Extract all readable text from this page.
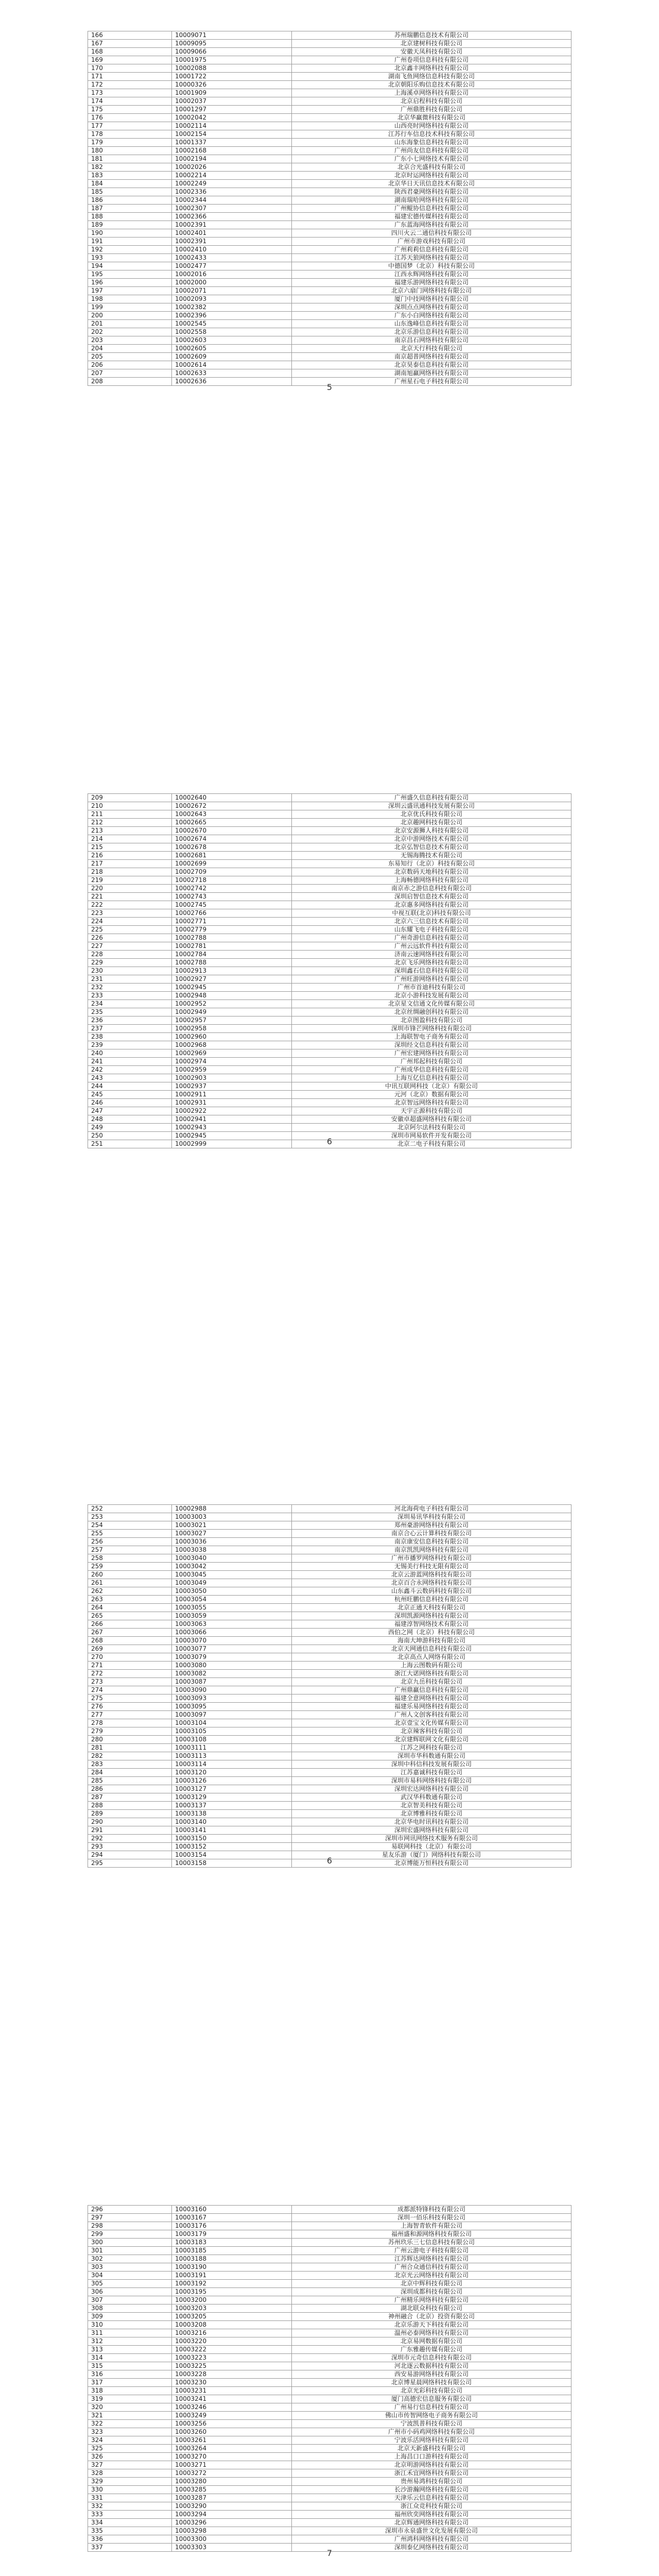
166	10009071	苏州瑞鹏信息技术有限公司
167	10009095	北京建树科技有限公司
168	10009066	安徽天凤科技有限公司
169	10001975	广州卷项信息科技有限公司
170	10002088	北京鑫丰网络科技有限公司
171	10001722	湖南飞鱼网络信息科技有限公司
172	10000326	北京朝阳乐购信息技术有限公司
173	10001909	上海溪卓网络科技有限公司
174	10002037	北京启程科技有限公司
175	10001297	广州鼎胜科技有限公司
176	10002042	北京华赢微科技有限公司
177	10002114	山西亮时网络科技有限公司
178	10002154	江苏行车信息技术科技有限公司
179	10001337	山东海象信息科技有限公司
180	10002168	广州尚友信息科技有限公司
181	10002194	广东小七网络技术有限公司
182	10002026	北京合光盛科技有限公司
183	10002214	北京时运网络科技有限公司
184	10002249	北京华日天讯信息技术有限公司
185	10002336	陕西君豪网络科技有限公司
186	10002344	湖南瑞哈网络科技有限公司
187	10002307	广州鲲协信息科技有限公司
188	10002366	福建宏德传媒科技有限公司
189	10002391	广东蓝海网络科技有限公司
190	10002401	四川火云二通信科技有限公司
191	10002391	广州市游戏科技有限公司
192	10002410	广州莉莉信息科技有限公司
193	10002433	江苏天狼网络科技有限公司
194	10002477	中德国梦（北京）科技有限公司
195	10002016	江西永辉网络科技有限公司
196	10002000	福建乐游网络科技有限公司
197	10002071	北京六扇门网络科技有限公司
198	10002093	厦门中技网络科技有限公司
199	10002382	深圳点点网络科技有限公司
200	10002396	广东小白网络科技有限公司
201	10002545	山东逸峰信息科技有限公司
202	10002558	北京乐游信息科技有限公司
203	10002603	南京昌石网络科技有限公司
204	10002605	北京天行科技有限公司
205	10002609	南京超普网络科技有限公司
206	10002614	北京昊泰信息科技有限公司
207	10002633	湖南旭赢网络科技有限公司
208	10002636	广州星石电子科技有限公司
5
209	10002640	广州盛久信息科技有限公司
210	10002672	深圳云盛讯通科技发展有限公司
211	10002643	北京优氏科技有限公司
212	10002665	北京趣网科技有限公司
213	10002670	北京安源狮人科技有限公司
214	10002674	北京中游网络技术有限公司
215	10002678	北京弘智信息技术有限公司
216	10002681	无锡海腾技术有限公司
217	10002699	东易知行（北京）科技有限公司
218	10002709	北京数码天地科技有限公司
219	10002718	上海畅德网络科技有限公司
220	10002742	南京赤之游信息科技有限公司
221	10002743	深圳启智信息技术有限公司
222	10002745	北京惠多网络科技有限公司
223	10002766	中视互联(北京)科技有限公司
224	10002771	北京六三信息技术有限公司
225	10002779	山东耀飞电子科技有限公司
226	10002788	广州奇游信息科技有限公司
227	10002781	广州云远软件科技有限公司
228	10002784	济南云速网络科技有限公司
229	10002788	北京飞乐网络科技有限公司
230	10002913	深圳鑫石信息科技有限公司
231	10002927	广州旺游网络科技有限公司
232	10002945	广州市首迪科技有限公司
233	10002948	北京小游科技发展有限公司
234	10002952	北京星文信通文化传媒有限公司
235	10002949	北京丝绸融创科技有限公司
236	10002957	北京图盈科技有限公司
237	10002958	深圳市锋芒网络科技有限公司
238	10002960	上海联智电子商务有限公司
239	10002968	深圳经文信息科技有限公司
240	10002969	广州宏建网络科技有限公司
241	10002974	广州邦起科技有限公司
242	10002959	广州成华信息科技有限公司
243	10002903	上海互亿信息科技有限公司
244	10002937	中讯互联网科技（北京）有限公司
245	10002911	元河（北京）数据有限公司
246	10002931	北京智远网络科技有限公司
247	10002922	天宇正源科技有限公司
248	10002941	安徽卓超盛网络科技有限公司
249	10002943	北京阿尔法科技有限公司
250	10002945	深圳市网易软件开发有限公司
251	10002999	北京二电子科技有限公司
6
252	10002988	河北海荷电子科技有限公司
253	10003003	深圳易讯华科技有限公司
254	10003021	郑州豪游网络科技有限公司
255	10003027	南京合心云计算科技有限公司
256	10003036	南京康安信息科技有限公司
257	10003038	南京凯凯网络科技有限公司
258	10003040	广州市播罗网络科技有限公司
259	10003042	无锡美行科技无限有限公司
260	10003045	北京云游蓝网络科技有限公司
261	10003049	北京百合永网络科技有限公司
262	10003050	山东鑫斗云数码科技有限公司
263	10003054	杭州旺鹏信息科技有限公司
264	10003055	北京正通天科技有限公司
265	10003059	深圳凯源网络科技有限公司
266	10003063	福建淳智网络技术有限公司
267	10003066	西伯之网（北京）科技有限公司
268	10003070	海南大坤游科技有限公司
269	10003077	北京天网通信息科技有限公司
270	10003079	北京高点人网络有限公司
271	10003080	上海云图数码有限公司
272	10003082	浙江大诺网络科技有限公司
273	10003087	北京九岳科技有限公司
274	10003090	广州鼎赢信息科技有限公司
275	10003093	福建全意网络科技有限公司
276	10003095	福建乐易网络科技有限公司
277	10003097	广州人文创客科技有限公司
278	10003104	北京壹宝文化传媒有限公司
279	10003105	北京辣客科技有限公司
280	10003108	北京建辉联网文化有限公司
281	10003111	江苏之网科技有限公司
282	10003113	深圳市华科数通有限公司
283	10003114	深圳中科信科技发展有限公司
284	10003120	江苏嘉诚科技有限公司
285	10003126	深圳市易科网络科技有限公司
286	10003127	深圳宏达网络科技有限公司
287	10003129	武汉华科数通有限公司
288	10003137	北京智美科技有限公司
289	10003138	北京博雅科技有限公司
290	10003140	北京华电时讯科技有限公司
291	10003141	深圳宏盛网络科技有限公司
292	10003150	深圳市网讯网络技术服务有限公司
293	10003152	易联网科技（北京）有限公司
294	10003154	星友乐游（厦门）网络科技有限公司
295	10003158	北京博能万恒科技有限公司
6
296	10003160	成都派特锋科技有限公司
297	10003167	深圳一佰乐科技有限公司
298	10003176	上海智青软件有限公司
299	10003179	福州盛和源网络科技有限公司
300	10003183	苏州玖乐三七信息科技有限公司
301	10003185	广州云游电子科技有限公司
302	10003188	江苏辉达网络科技有限公司
303	10003190	广州合众通信科技有限公司
304	10003191	北京光云网络科技有限公司
305	10003192	北京中辉科技有限公司
306	10003195	深圳成都科技有限公司
307	10003200	广州精乐网络科技有限公司
308	10003203	湖北联众科技有限公司
309	10003205	神州融合（北京）投资有限公司
310	10003208	北京乐游天下科技有限公司
311	10003216	温州必泰网络科技有限公司
312	10003220	北京易网数据有限公司
313	10003222	广东雅趣传媒有限公司
314	10003223	深圳市元奇信息科技有限公司
315	10003225	河北逐云数据科技有限公司
316	10003228	西安易游网络科技有限公司
317	10003230	北京博星晨网络科技有限公司
318	10003231	北京光彩科技有限公司
319	10003241	厦门高德宏信息服务有限公司
320	10003246	广州易行信息科技有限公司
321	10003249	佛山市传智网络电子商务有限公司
322	10003256	宁波凯普科技有限公司
323	10003260	广州市小码鸡网络科技有限公司
324	10003261	宁波乐活网络科技有限公司
325	10003264	北京天新盛科技有限公司
326	10003270	上海昌口口游科技有限公司
327	10003271	北京明游网络科技有限公司
328	10003272	浙江禾宜网络科技有限公司
329	10003280	贵州易鸿科技有限公司
330	10003285	长沙游瀚网络科技有限公司
331	10003287	天津乐云信息科技有限公司
332	10003290	浙江众竞科技有限公司
333	10003294	福州欣奕网络科技有限公司
334	10003296	北京辉通网络科技有限公司
335	10003298	深圳市永泉盛世文化发展有限公司
336	10003300	广州鸿科网络科技有限公司
337	10003303	深圳泰亿网络科技有限公司
7
